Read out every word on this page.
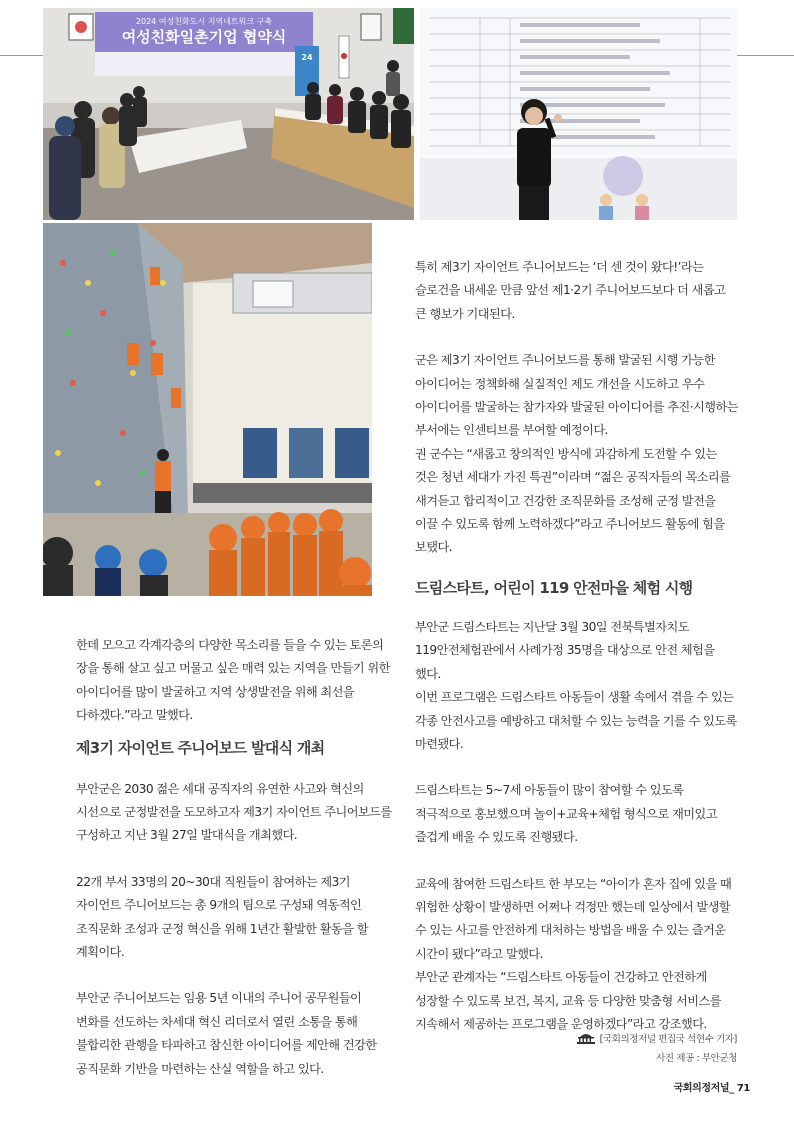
2024 여성친화도시 지역네트워크 구축
여성친화일촌기업 협약식
24

한데 모으고 각계각층의 다양한 목소리를 들을 수 있는 토론의 장을 통해 살고 싶고 머물고 싶은 매력 있는 지역을 만들기 위한 아이디어를 많이 발굴하고 지역 상생발전을 위해 최선을 다하겠다.”라고 말했다.

제3기 자이언트 주니어보드 발대식 개최

부안군은 2030 젊은 세대 공직자의 유연한 사고와 혁신의 시선으로 군정발전을 도모하고자 제3기 자이언트 주니어보드를 구성하고 지난 3월 27일 발대식을 개최했다.

22개 부서 33명의 20~30대 직원들이 참여하는 제3기 자이언트 주니어보드는 총 9개의 팀으로 구성돼 역동적인 조직문화 조성과 군정 혁신을 위해 1년간 활발한 활동을 할 계획이다.

부안군 주니어보드는 임용 5년 이내의 주니어 공무원들이 변화를 선도하는 차세대 혁신 리더로서 열린 소통을 통해 불합리한 관행을 타파하고 참신한 아이디어를 제안해 건강한 공직문화 기반을 마련하는 산실 역할을 하고 있다.

특히 제3기 자이언트 주니어보드는 ‘더 센 것이 왔다!’라는 슬로건을 내세운 만큼 앞선 제1·2기 주니어보드보다 더 새롭고 큰 행보가 기대된다.

군은 제3기 자이언트 주니어보드를 통해 발굴된 시행 가능한 아이디어는 정책화해 실질적인 제도 개선을 시도하고 우수 아이디어를 발굴하는 참가자와 발굴된 아이디어를 추진·시행하는 부서에는 인센티브를 부여할 예정이다.

권 군수는 “새롭고 창의적인 방식에 과감하게 도전할 수 있는 것은 청년 세대가 가진 특권”이라며 “젊은 공직자들의 목소리를 새겨듣고 합리적이고 건강한 조직문화를 조성해 군정 발전을 이끌 수 있도록 함께 노력하겠다”라고 주니어보드 활동에 힘을 보탰다.

드림스타트, 어린이 119 안전마을 체험 시행

부안군 드림스타트는 지난달 3월 30일 전북특별자치도 119안전체험관에서 사례가정 35명을 대상으로 안전 체험을 했다.

이번 프로그램은 드림스타트 아동들이 생활 속에서 겪을 수 있는 각종 안전사고를 예방하고 대처할 수 있는 능력을 기를 수 있도록 마련됐다.

드림스타트는 5~7세 아동들이 많이 참여할 수 있도록 적극적으로 홍보했으며 놀이+교육+체험 형식으로 재미있고 즐겁게 배울 수 있도록 진행됐다.

교육에 참여한 드림스타트 한 부모는 “아이가 혼자 집에 있을 때 위험한 상황이 발생하면 어쩌나 걱정만 했는데 일상에서 발생할 수 있는 사고를 안전하게 대처하는 방법을 배울 수 있는 즐거운 시간이 됐다”라고 말했다.

부안군 관계자는 “드림스타트 아동들이 건강하고 안전하게 성장할 수 있도록 보건, 복지, 교육 등 다양한 맞춤형 서비스를 지속해서 제공하는 프로그램을 운영하겠다”라고 강조했다.

[국회의정저널 편집국 석현수 기자]
사진 제공 : 부안군청
국회의정저널_ 71
